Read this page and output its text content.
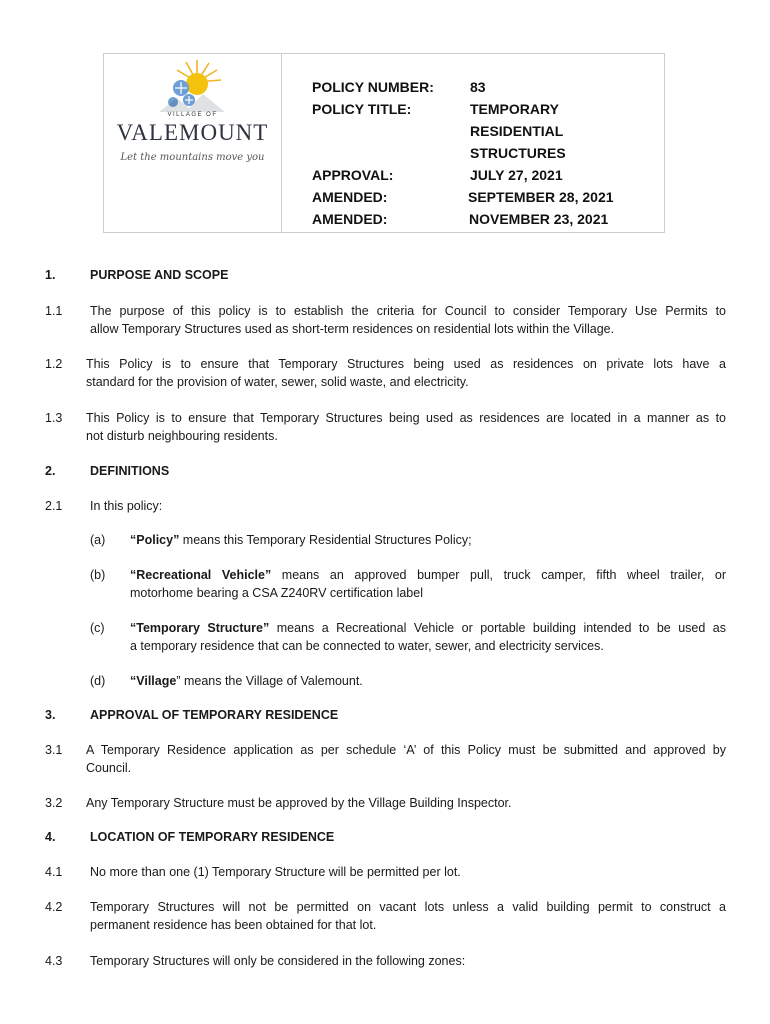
VILLAGE OF
VALEMOUNT
Let the mountains move you
POLICY NUMBER:	83
POLICY TITLE:	TEMPORARY
RESIDENTIAL
STRUCTURES
APPROVAL:	JULY 27, 2021
AMENDED:	SEPTEMBER 28, 2021
AMENDED:	NOVEMBER 23, 2021
1.	PURPOSE AND SCOPE
1.1 The purpose of this policy is to establish the criteria for Council to consider Temporary Use Permits to
allow Temporary Structures used as short-term residences on residential lots within the Village.
1.2 This Policy is to ensure that Temporary Structures being used as residences on private lots have a
standard for the provision of water, sewer, solid waste, and electricity.
1.3 This Policy is to ensure that Temporary Structures being used as residences are located in a manner as to
not disturb neighbouring residents.
2.	DEFINITIONS
2.1 In this policy:
(a) “Policy” means this Temporary Residential Structures Policy;
(b) “Recreational Vehicle” means an approved bumper pull, truck camper, fifth wheel trailer, or
motorhome bearing a CSA Z240RV certification label
(c) “Temporary Structure” means a Recreational Vehicle or portable building intended to be used as
a temporary residence that can be connected to water, sewer, and electricity services.
(d) “Village” means the Village of Valemount.
3.	APPROVAL OF TEMPORARY RESIDENCE
3.1 A Temporary Residence application as per schedule ‘A’ of this Policy must be submitted and approved by
Council.
3.2 Any Temporary Structure must be approved by the Village Building Inspector.
4.	LOCATION OF TEMPORARY RESIDENCE
4.1 No more than one (1) Temporary Structure will be permitted per lot.
4.2 Temporary Structures will not be permitted on vacant lots unless a valid building permit to construct a
permanent residence has been obtained for that lot.
4.3 Temporary Structures will only be considered in the following zones:
